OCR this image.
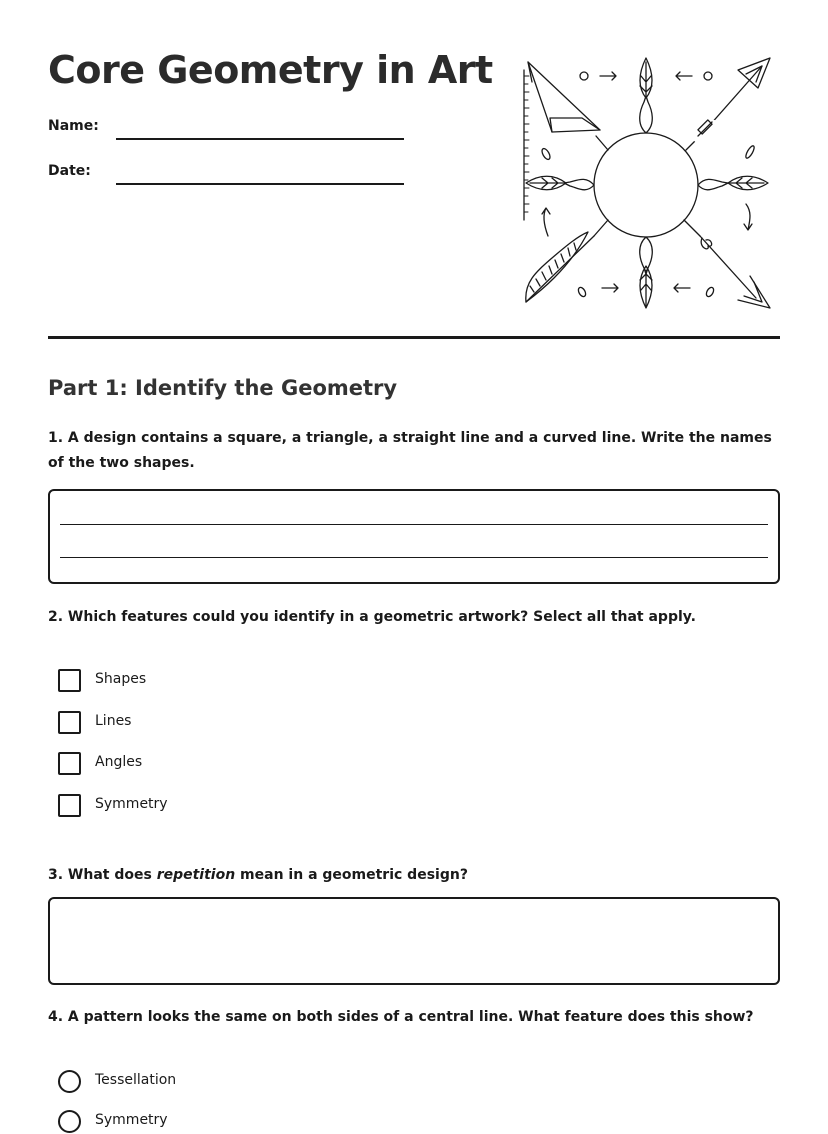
Core Geometry in Art
Name:
Date:
Part 1: Identify the Geometry

1. A design contains a square, a triangle, a straight line and a curved line. Write the names of the two shapes.

2. Which features could you identify in a geometric artwork? Select all that apply.

Shapes
Lines
Angles
Symmetry

3. What does repetition mean in a geometric design?

4. A pattern looks the same on both sides of a central line. What feature does this show?

Tessellation
Symmetry
